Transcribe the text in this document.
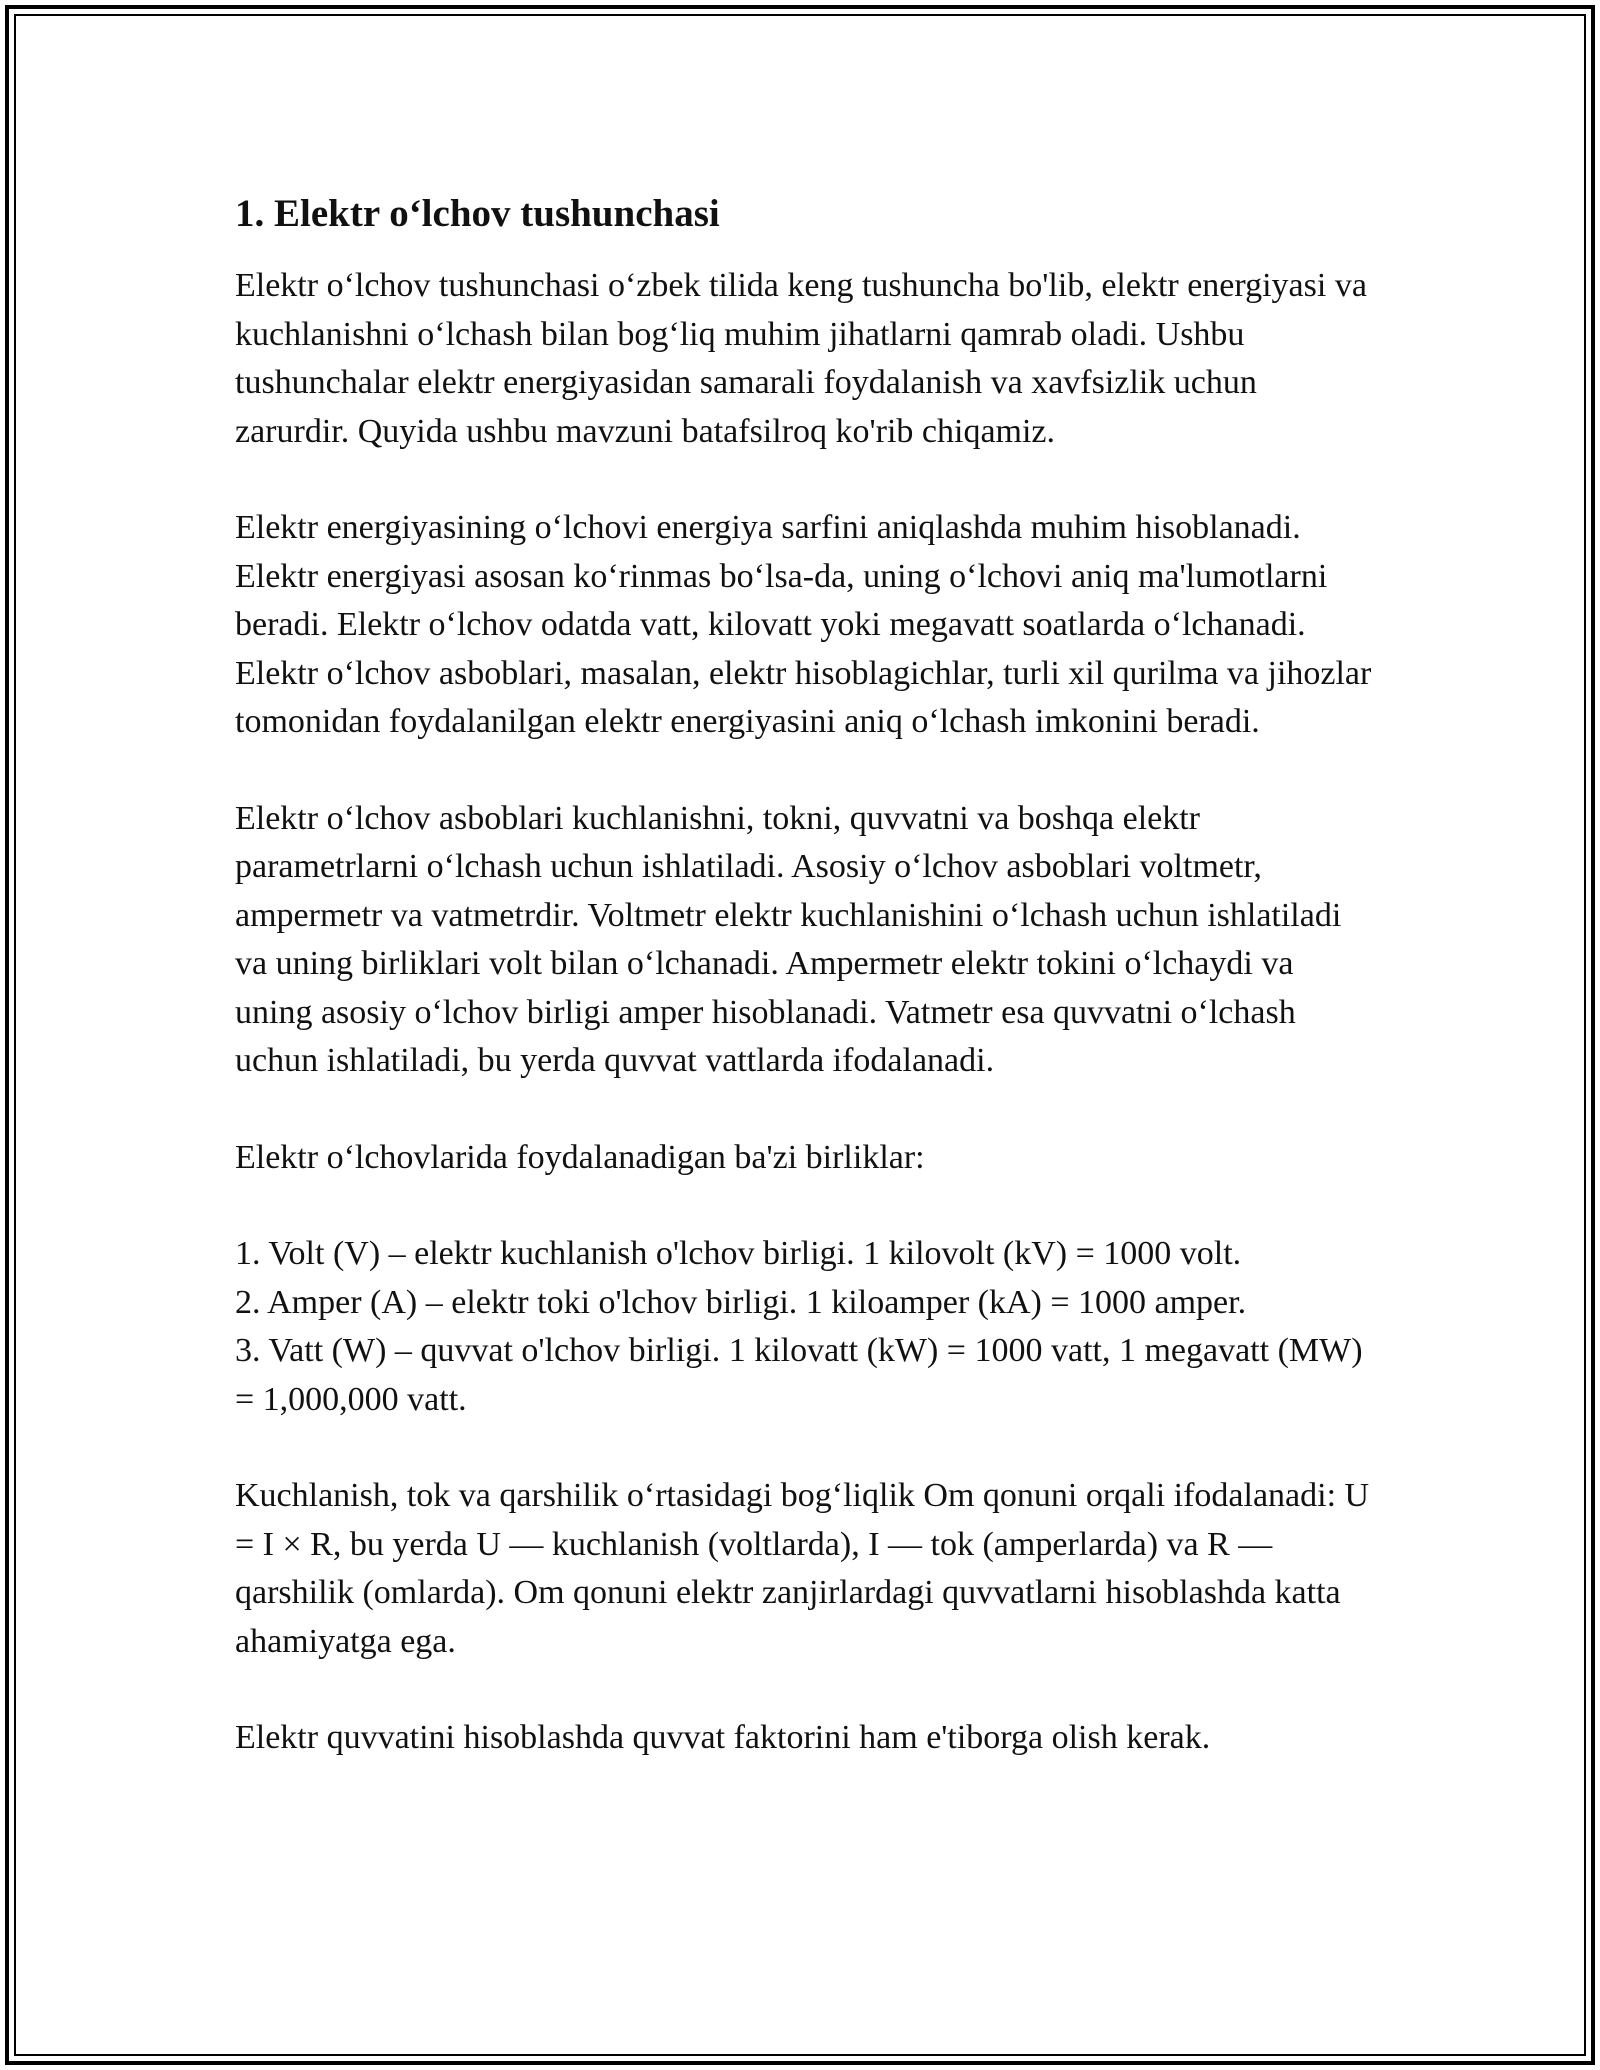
1. Elektr o‘lchov tushunchasi

Elektr o‘lchov tushunchasi o‘zbek tilida keng tushuncha bo'lib, elektr energiyasi va kuchlanishni o‘lchash bilan bog‘liq muhim jihatlarni qamrab oladi. Ushbu tushunchalar elektr energiyasidan samarali foydalanish va xavfsizlik uchun zarurdir. Quyida ushbu mavzuni batafsilroq ko'rib chiqamiz.

Elektr energiyasining o‘lchovi energiya sarfini aniqlashda muhim hisoblanadi. Elektr energiyasi asosan ko‘rinmas bo‘lsa-da, uning o‘lchovi aniq ma'lumotlarni beradi. Elektr o‘lchov odatda vatt, kilovatt yoki megavatt soatlarda o‘lchanadi. Elektr o‘lchov asboblari, masalan, elektr hisoblagichlar, turli xil qurilma va jihozlar tomonidan foydalanilgan elektr energiyasini aniq o‘lchash imkonini beradi.

Elektr o‘lchov asboblari kuchlanishni, tokni, quvvatni va boshqa elektr parametrlarni o‘lchash uchun ishlatiladi. Asosiy o‘lchov asboblari voltmetr, ampermetr va vatmetrdir. Voltmetr elektr kuchlanishini o‘lchash uchun ishlatiladi va uning birliklari volt bilan o‘lchanadi. Ampermetr elektr tokini o‘lchaydi va uning asosiy o‘lchov birligi amper hisoblanadi. Vatmetr esa quvvatni o‘lchash uchun ishlatiladi, bu yerda quvvat vattlarda ifodalanadi.

Elektr o‘lchovlarida foydalanadigan ba'zi birliklar:

1. Volt (V) – elektr kuchlanish o'lchov birligi. 1 kilovolt (kV) = 1000 volt.
2. Amper (A) – elektr toki o'lchov birligi. 1 kiloamper (kA) = 1000 amper.
3. Vatt (W) – quvvat o'lchov birligi. 1 kilovatt (kW) = 1000 vatt, 1 megavatt (MW) = 1,000,000 vatt.

Kuchlanish, tok va qarshilik o‘rtasidagi bog‘liqlik Om qonuni orqali ifodalanadi: U = I × R, bu yerda U — kuchlanish (voltlarda), I — tok (amperlarda) va R — qarshilik (omlarda). Om qonuni elektr zanjirlardagi quvvatlarni hisoblashda katta ahamiyatga ega.

Elektr quvvatini hisoblashda quvvat faktorini ham e'tiborga olish kerak.
